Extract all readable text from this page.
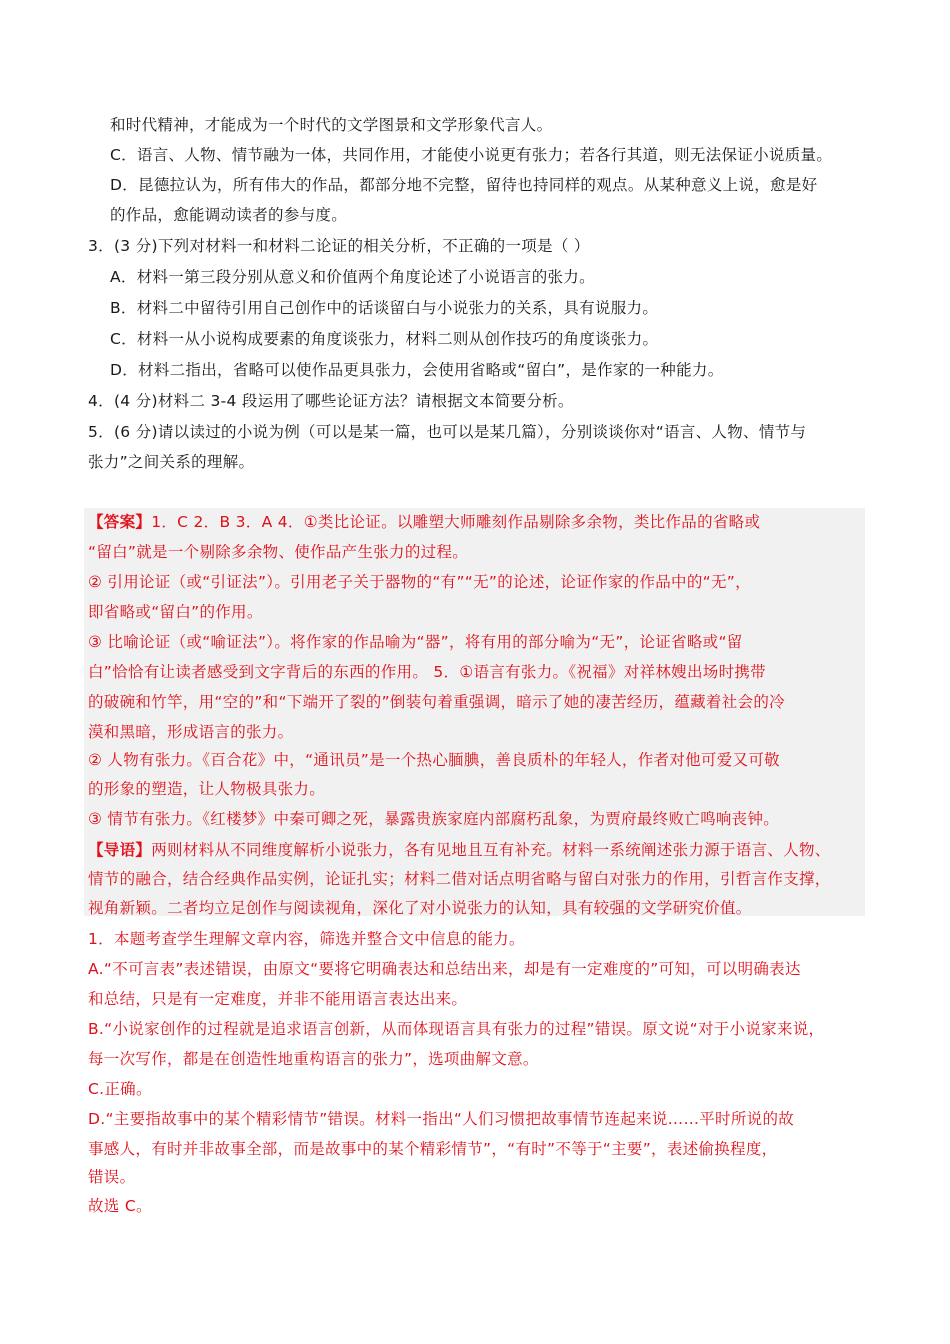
和时代精神，才能成为一个时代的文学图景和文学形象代言人。
C．语言、人物、情节融为一体，共同作用，才能使小说更有张力；若各行其道，则无法保证小说质量。
D．昆德拉认为，所有伟大的作品，都部分地不完整，留待也持同样的观点。从某种意义上说，愈是好
的作品，愈能调动读者的参与度。
3．(3 分)下列对材料一和材料二论证的相关分析，不正确的一项是（ ）
A．材料一第三段分别从意义和价值两个角度论述了小说语言的张力。
B．材料二中留待引用自己创作中的话谈留白与小说张力的关系，具有说服力。
C．材料一从小说构成要素的角度谈张力，材料二则从创作技巧的角度谈张力。
D．材料二指出，省略可以使作品更具张力，会使用省略或“留白”，是作家的一种能力。
4．(4 分)材料二 3-4 段运用了哪些论证方法？请根据文本简要分析。
5．(6 分)请以读过的小说为例（可以是某一篇，也可以是某几篇），分别谈谈你对“语言、人物、情节与
张力”之间关系的理解。
【答案】1．C 2．B 3．A 4．①类比论证。以雕塑大师雕刻作品剔除多余物，类比作品的省略或
“留白”就是一个剔除多余物、使作品产生张力的过程。
② 引用论证（或“引证法”）。引用老子关于器物的“有”“无”的论述，论证作家的作品中的“无”，
即省略或“留白”的作用。
③ 比喻论证（或“喻证法”）。将作家的作品喻为“器”，将有用的部分喻为“无”，论证省略或“留
白”恰恰有让读者感受到文字背后的东西的作用。 5．①语言有张力。《祝福》对祥林嫂出场时携带
的破碗和竹竿，用“空的”和“下端开了裂的”倒装句着重强调，暗示了她的凄苦经历，蕴藏着社会的冷
漠和黑暗，形成语言的张力。
② 人物有张力。《百合花》中，“通讯员”是一个热心腼腆，善良质朴的年轻人，作者对他可爱又可敬
的形象的塑造，让人物极具张力。
③ 情节有张力。《红楼梦》中秦可卿之死，暴露贵族家庭内部腐朽乱象，为贾府最终败亡鸣响丧钟。
【导语】两则材料从不同维度解析小说张力，各有见地且互有补充。材料一系统阐述张力源于语言、人物、
情节的融合，结合经典作品实例，论证扎实；材料二借对话点明省略与留白对张力的作用，引哲言作支撑，
视角新颖。二者均立足创作与阅读视角，深化了对小说张力的认知，具有较强的文学研究价值。
1．本题考查学生理解文章内容，筛选并整合文中信息的能力。
A.“不可言表”表述错误，由原文“要将它明确表达和总结出来，却是有一定难度的”可知，可以明确表达
和总结，只是有一定难度，并非不能用语言表达出来。
B.“小说家创作的过程就是追求语言创新，从而体现语言具有张力的过程”错误。原文说“对于小说家来说，
每一次写作，都是在创造性地重构语言的张力”，选项曲解文意。
C.正确。
D.“主要指故事中的某个精彩情节”错误。材料一指出“人们习惯把故事情节连起来说……平时所说的故
事感人，有时并非故事全部，而是故事中的某个精彩情节”，“有时”不等于“主要”，表述偷换程度，
错误。
故选 C。
